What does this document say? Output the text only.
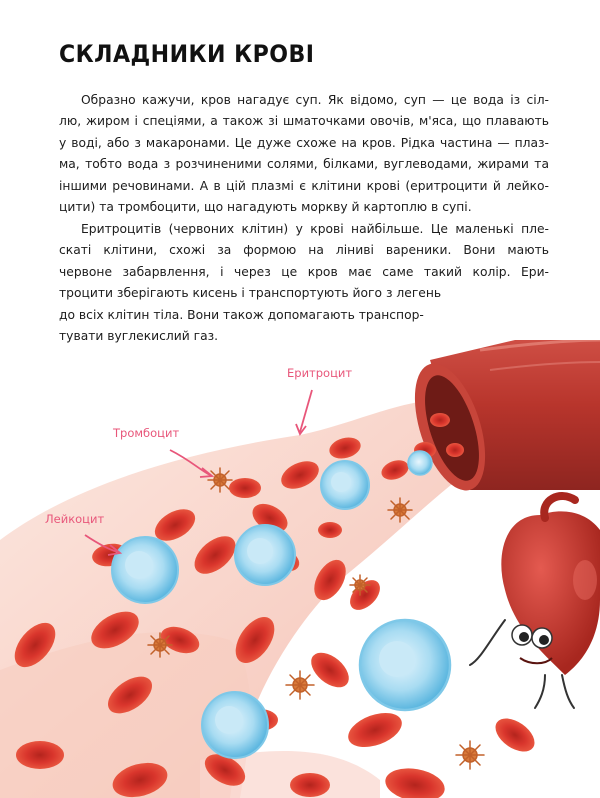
СКЛАДНИКИ КРОВІ
Образно кажучи, кров нагадує суп. Як відомо, суп — це вода із сіл-
лю, жиром і спеціями, а також зі шматочками овочів, м'яса, що плавають
у воді, або з макаронами. Це дуже схоже на кров. Рідка частина — плаз-
ма, тобто вода з розчиненими солями, білками, вуглеводами, жирами та
іншими речовинами. А в цій плазмі є клітини крові (еритроцити й лейко-
цити) та тромбоцити, що нагадують моркву й картоплю в супі.
Еритроцитів (червоних клітин) у крові найбільше. Це маленькі пле-
скаті клітини, схожі за формою на ліниві вареники. Вони мають
червоне забарвлення, і через це кров має саме такий колір. Ери-
троцити зберігають кисень і транспортують його з легень
до всіх клітин тіла. Вони також допомагають транспор-
тувати вуглекислий газ.
Еритроцит
Тромбоцит
Лейкоцит
